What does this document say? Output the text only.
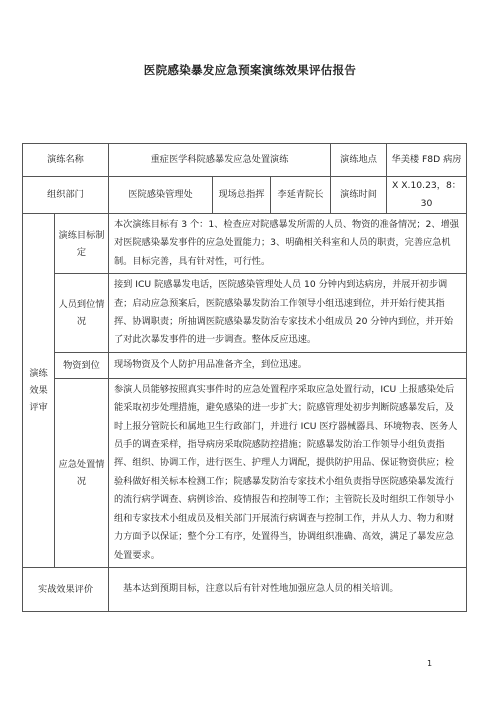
医院感染暴发应急预案演练效果评估报告
演练名称		重症医学科院感暴发应急处置演练			演练地点	华美楼 F8D 病房
组织部门		医院感染管理处	现场总指挥	李延青院长	演练时间	X X.10.23，8：30
演练效果评审	演练目标制定	本次演练目标有 3 个：1、检查应对院感暴发所需的人员、物资的准备情况；2、增强对医院感染暴发事件的应急处置能力；3、明确相关科室和人员的职责，完善应急机制。目标完善，具有针对性，可行性。				
	人员到位情况	接到 ICU 院感暴发电话，医院感染管理处人员 10 分钟内到达病房，并展开初步调查；启动应急预案后，医院感染暴发防治工作领导小组迅速到位，并开始行使其指挥、协调职责；所抽调医院感染暴发防治专家技术小组成员 20 分钟内到位，并开始了对此次暴发事件的进一步调查。整体反应迅速。				
	物资到位	现场物资及个人防护用品准备齐全，到位迅速。				
	应急处置情况	参演人员能够按照真实事件时的应急处置程序采取应急处置行动，ICU 上报感染处后能采取初步处理措施，避免感染的进一步扩大；院感管理处初步判断院感暴发后，及时上报分管院长和属地卫生行政部门，并进行 ICU 医疗器械器具、环境物表、医务人员手的调查采样，指导病房采取院感防控措施；院感暴发防治工作领导小组负责指挥、组织、协调工作，进行医生、护理人力调配，提供防护用品、保证物资供应；检验科做好相关标本检测工作；院感暴发防治专家技术小组负责指导医院感染暴发流行的流行病学调查、病例诊治、疫情报告和控制等工作；主管院长及时组织工作领导小组和专家技术小组成员及相关部门开展流行病调查与控制工作，并从人力、物力和财力方面予以保证；整个分工有序，处置得当，协调组织准确、高效，满足了暴发应急处置要求。				
实战效果评价		基本达到预期目标，注意以后有针对性地加强应急人员的相关培训。				
1
